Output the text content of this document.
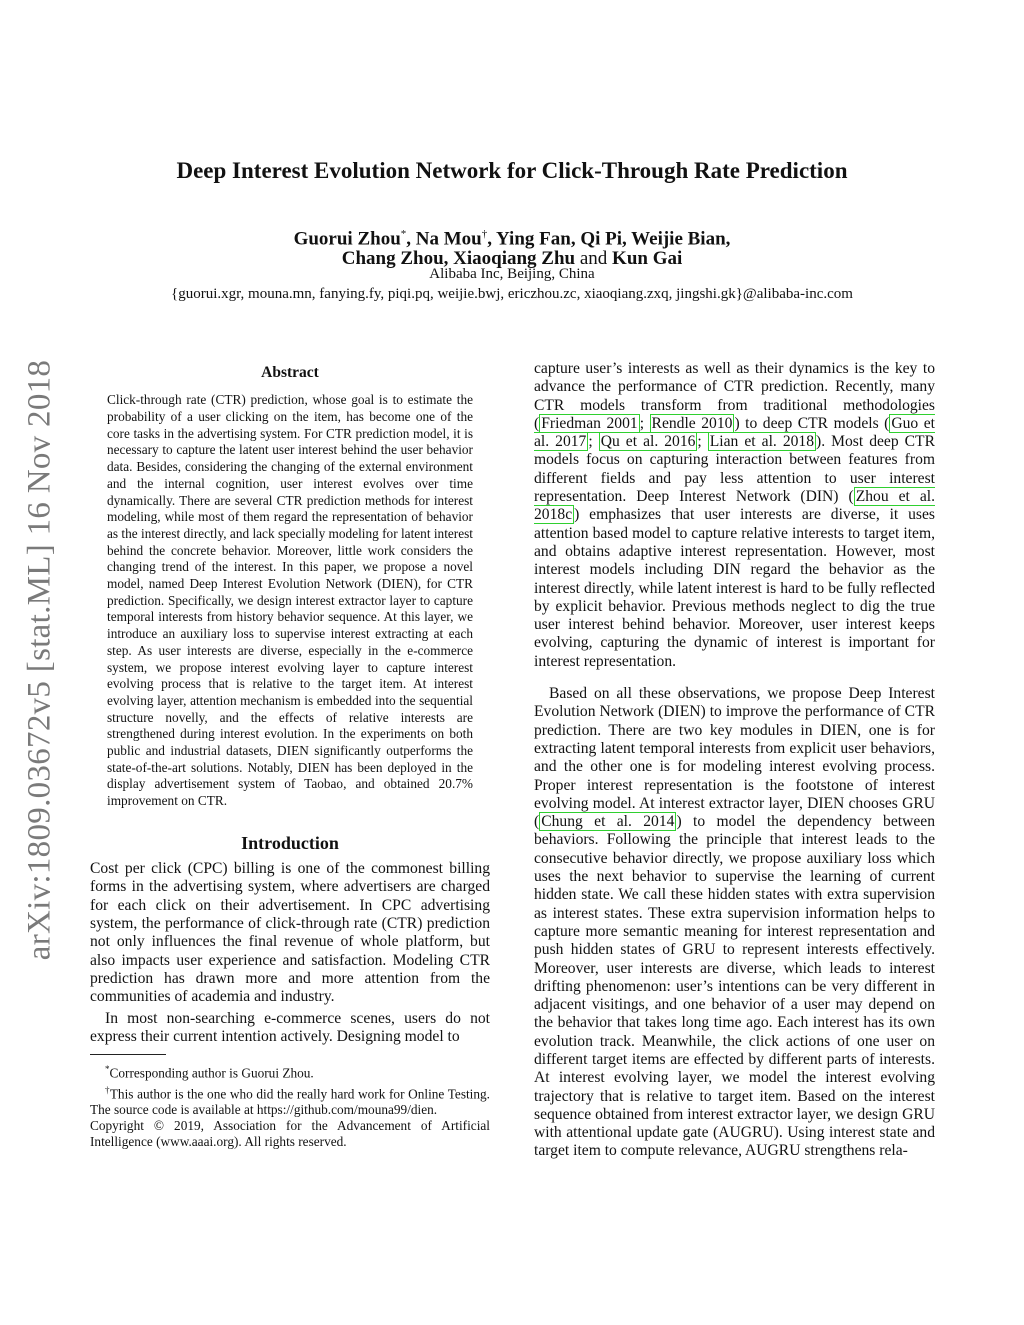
arXiv:1809.03672v5 [stat.ML] 16 Nov 2018
Deep Interest Evolution Network for Click-Through Rate Prediction
Guorui Zhou*, Na Mou†, Ying Fan, Qi Pi, Weijie Bian,
Chang Zhou, Xiaoqiang Zhu and Kun Gai
Alibaba Inc, Beijing, China
{guorui.xgr, mouna.mn, fanying.fy, piqi.pq, weijie.bwj, ericzhou.zc, xiaoqiang.zxq, jingshi.gk}@alibaba-inc.com
Abstract
Click-through rate (CTR) prediction, whose goal is to estimate the probability of a user clicking on the item, has become one of the core tasks in the advertising system. For CTR prediction model, it is necessary to capture the latent user interest behind the user behavior data. Besides, considering the changing of the external environment and the internal cognition, user interest evolves over time dynamically. There are several CTR prediction methods for interest modeling, while most of them regard the representation of behavior as the interest directly, and lack specially modeling for latent interest behind the concrete behavior. Moreover, little work considers the changing trend of the interest. In this paper, we propose a novel model, named Deep Interest Evolution Network (DIEN), for CTR prediction. Specifically, we design interest extractor layer to capture temporal interests from history behavior sequence. At this layer, we introduce an auxiliary loss to supervise interest extracting at each step. As user interests are diverse, especially in the e-commerce system, we propose interest evolving layer to capture interest evolving process that is relative to the target item. At interest evolving layer, attention mechanism is embedded into the sequential structure novelly, and the effects of relative interests are strengthened during interest evolution. In the experiments on both public and industrial datasets, DIEN significantly outperforms the state-of-the-art solutions. Notably, DIEN has been deployed in the display advertisement system of Taobao, and obtained 20.7% improvement on CTR.
Introduction

Cost per click (CPC) billing is one of the commonest billing forms in the advertising system, where advertisers are charged for each click on their advertisement. In CPC advertising system, the performance of click-through rate (CTR) prediction not only influences the final revenue of whole platform, but also impacts user experience and satisfaction. Modeling CTR prediction has drawn more and more attention from the communities of academia and industry.

In most non-searching e-commerce scenes, users do not express their current intention actively. Designing model to

*Corresponding author is Guorui Zhou.
†This author is the one who did the really hard work for Online Testing. The source code is available at https://github.com/mouna99/dien.
Copyright © 2019, Association for the Advancement of Artificial Intelligence (www.aaai.org). All rights reserved.

capture user’s interests as well as their dynamics is the key to advance the performance of CTR prediction. Recently, many CTR models transform from traditional methodologies ( Friedman 2001 ; Rendle 2010 ) to deep CTR models ( Guo et al. 2017 ; Qu et al. 2016 ; Lian et al. 2018 ). Most deep CTR models focus on capturing interaction between features from different fields and pay less attention to user interest representation. Deep Interest Network (DIN) ( Zhou et al. 2018c ) emphasizes that user interests are diverse, it uses attention based model to capture relative interests to target item, and obtains adaptive interest representation. However, most interest models including DIN regard the behavior as the interest directly, while latent interest is hard to be fully reflected by explicit behavior. Previous methods neglect to dig the true user interest behind behavior. Moreover, user interest keeps evolving, capturing the dynamic of interest is important for interest representation.

Based on all these observations, we propose Deep Interest Evolution Network (DIEN) to improve the performance of CTR prediction. There are two key modules in DIEN, one is for extracting latent temporal interests from explicit user behaviors, and the other one is for modeling interest evolving process. Proper interest representation is the footstone of interest evolving model. At interest extractor layer, DIEN chooses GRU ( Chung et al. 2014 ) to model the dependency between behaviors. Following the principle that interest leads to the consecutive behavior directly, we propose auxiliary loss which uses the next behavior to supervise the learning of current hidden state. We call these hidden states with extra supervision as interest states. These extra supervision information helps to capture more semantic meaning for interest representation and push hidden states of GRU to represent interests effectively. Moreover, user interests are diverse, which leads to interest drifting phenomenon: user’s intentions can be very different in adjacent visitings, and one behavior of a user may depend on the behavior that takes long time ago. Each interest has its own evolution track. Meanwhile, the click actions of one user on different target items are effected by different parts of interests. At interest evolving layer, we model the interest evolving trajectory that is relative to target item. Based on the interest sequence obtained from interest extractor layer, we design GRU with attentional update gate (AUGRU). Using interest state and target item to compute relevance, AUGRU strengthens rela-
